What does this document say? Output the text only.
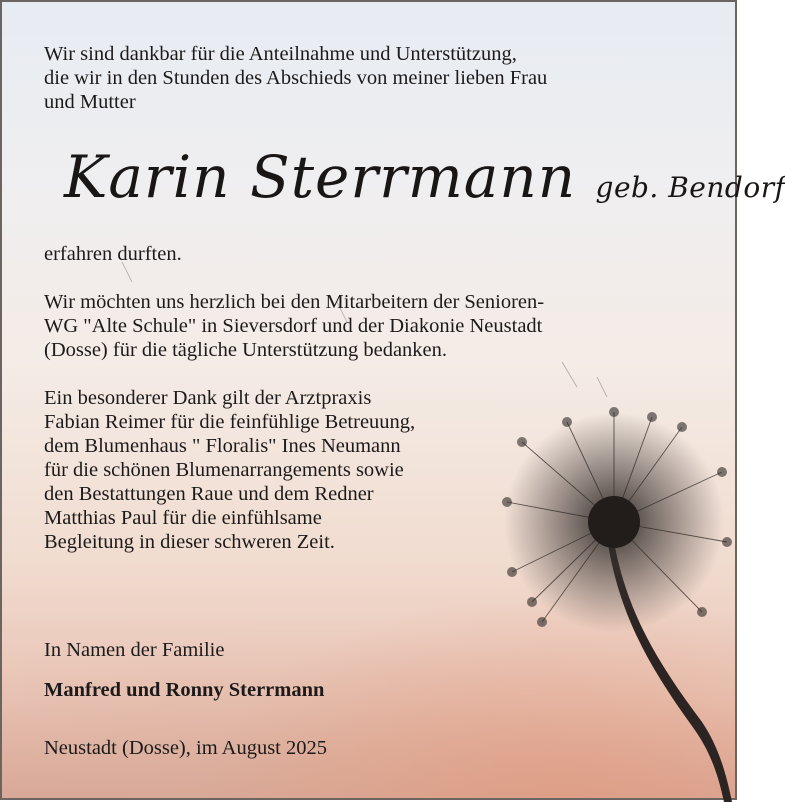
Wir sind dankbar für die Anteilnahme und Unterstützung,
die wir in den Stunden des Abschieds von meiner lieben Frau
und Mutter

Karin Sterrmann geb. Bendorf

erfahren durften.

Wir möchten uns herzlich bei den Mitarbeitern der Senioren-
WG "Alte Schule" in Sieversdorf und der Diakonie Neustadt
(Dosse) für die tägliche Unterstützung bedanken.

Ein besonderer Dank gilt der Arztpraxis
Fabian Reimer für die feinfühlige Betreuung,
dem Blumenhaus " Floralis" Ines Neumann
für die schönen Blumenarrangements sowie
den Bestattungen Raue und dem Redner
Matthias Paul für die einfühlsame
Begleitung in dieser schweren Zeit.

In Namen der Familie

Manfred und Ronny Sterrmann

Neustadt (Dosse), im August 2025
